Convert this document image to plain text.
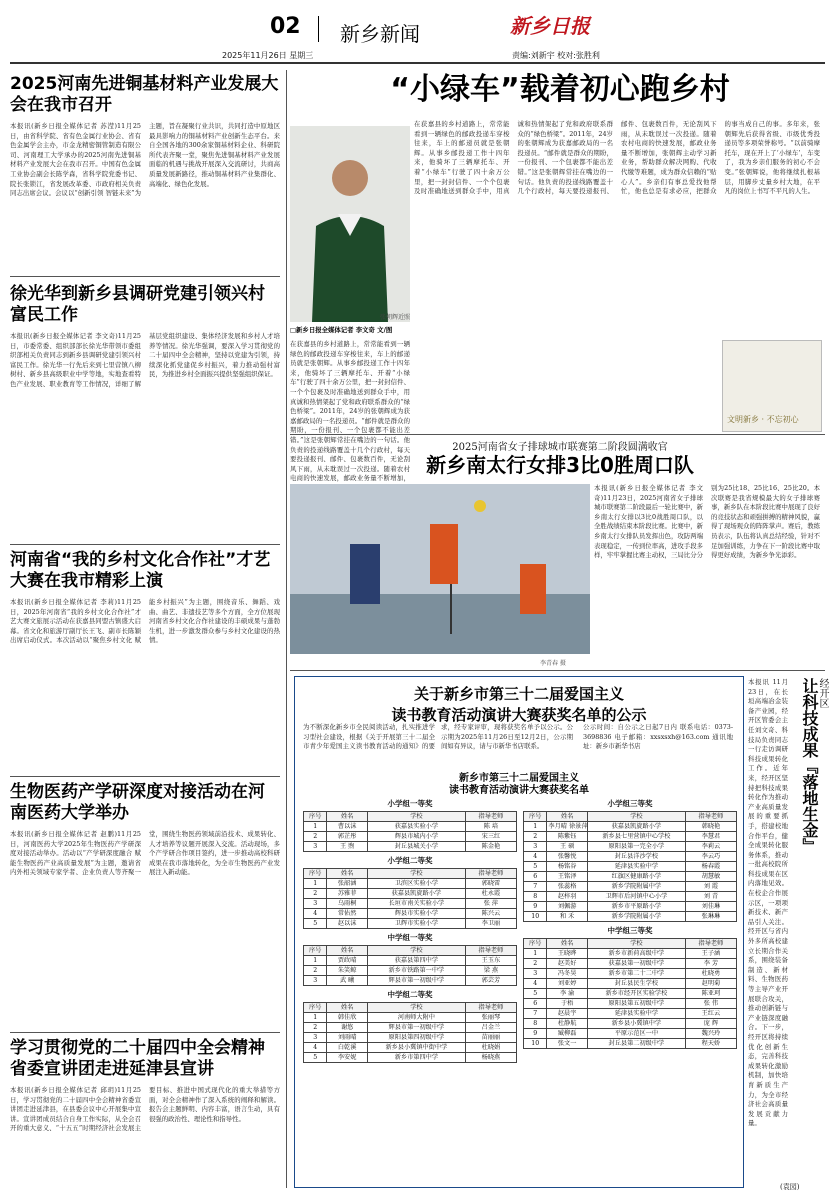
02 新乡新闻	新乡日报
2025年11月26日 星期三	责编:刘新宇 校对:张胜利
2025河南先进铜基材料产业发展大会在我市召开
本报讯(新乡日报全媒体记者 苏滢)11月25日，由省科学院、省有色金属行业协会、省有色金属学会主办，市金龙精密铜管制造有限公司、河南理工大学承办的2025河南先进铜基材料产业发展大会在我市召开。中国有色金属工业协会副会长陈学森，省科学院党委书记、院长张锁江，省发展改革委、市政府相关负责同志出席会议。会议以“创新引领 智链未来”为主题，旨在凝聚行业共识，共同打造中原地区最具影响力的铜基材料产业创新生态平台。来自全国各地的300余家铜基材料企业、科研院所代表齐聚一堂，聚焦先进铜基材料产业发展面临的机遇与挑战开展深入交流研讨，共商高质量发展新路径，推动铜基材料产业集群化、高端化、绿色化发展。
徐光华到新乡县调研党建引领兴村富民工作
本报讯(新乡日报全媒体记者 李文奇)11月25日，市委常委、组织部部长徐光华带领市委组织部相关负责同志到新乡县调研党建引领兴村富民工作。徐光华一行先后来到七里营镇八柳树村、新乡县高级职业中学等地，实地查看特色产业发展、职业教育等工作情况，详细了解基层党组织建设、集体经济发展和乡村人才培养等情况。徐光华强调，要深入学习贯彻党的二十届四中全会精神，坚持以党建为引领，持续深化抓党建促乡村振兴，着力推动强村富民，为推进乡村全面振兴提供坚强组织保证。
河南省“我的乡村文化合作社”才艺大赛在我市精彩上演
本报讯(新乡日报全媒体记者 李莉)11月25日，2025年河南省“我的乡村文化合作社”才艺大赛文旅展示活动在获嘉县同盟古镇盛大启幕。省文化和旅游厅副厅长王飞、副市长陈颖出席启动仪式。本次活动以“聚焦乡村文化 赋能乡村振兴”为主题，围绕音乐、舞蹈、戏曲、曲艺、非遗技艺等多个方面，全方位展现河南省乡村文化合作社建设的丰硕成果与蓬勃生机，进一步激发群众参与乡村文化建设的热情。
生物医药产学研深度对接活动在河南医药大学举办
本报讯(新乡日报全媒体记者 赵鹏)11月25日，河南医药大学2025年生物医药产学研深度对接活动举办。活动以“产学研深度融合 赋能生物医药产业高质量发展”为主题，邀请省内外相关领域专家学者、企业负责人等齐聚一堂，围绕生物医药领域前沿技术、成果转化、人才培养等议题开展深入交流。活动现场，多个产学研合作项目签约，进一步推动高校科研成果在我市落地转化，为全市生物医药产业发展注入新动能。
学习贯彻党的二十届四中全会精神省委宣讲团走进延津县宣讲
本报讯(新乡日报全媒体记者 邱玥)11月25日，学习贯彻党的二十届四中全会精神省委宣讲团走进延津县，在县委会议中心开展集中宣讲。宣讲团成员结合自身工作实际，从全会召开的重大意义、“十五五”时期经济社会发展主要目标、推进中国式现代化的重大举措等方面，对全会精神作了深入系统的阐释和解读。报告会主题鲜明、内容丰富，语言生动，具有很强的政治性、理论性和指导性。
“小绿车”载着初心跑乡村
张朝辉近照
□新乡日报全媒体记者 李文奇 文/图
在获嘉县的乡村道路上，常常能看到一辆绿色的邮政投递车穿梭往来，车上的邮递员就是张朝辉。从事乡邮投递工作十四年来，他骑坏了三辆摩托车、开着“小绿车”行驶了四十余万公里，把一封封信件、一个个包裹及时准确地送到群众手中，用真诚和热情架起了党和政府联系群众的“绿色桥梁”。2011年，24岁的张朝辉成为获嘉邮政局的一名投递员。“邮件就是群众的期盼，一份报刊、一个包裹都不能出差错。”这是张朝辉常挂在嘴边的一句话。他负责的投递线路覆盖十几个行政村，每天要投递报刊、邮件、包裹数百件，无论刮风下雨，从未耽误过一次投递。随着农村电商的快速发展，邮政业务量不断增加，
在获嘉县的乡村道路上，常常能看到一辆绿色的邮政投递车穿梭往来，车上的邮递员就是张朝辉。从事乡邮投递工作十四年来，他骑坏了三辆摩托车、开着“小绿车”行驶了四十余万公里，把一封封信件、一个个包裹及时准确地送到群众手中，用真诚和热情架起了党和政府联系群众的“绿色桥梁”。2011年，24岁的张朝辉成为获嘉邮政局的一名投递员。“邮件就是群众的期盼，一份报刊、一个包裹都不能出差错。”这是张朝辉常挂在嘴边的一句话。他负责的投递线路覆盖十几个行政村，每天要投递报刊、邮件、包裹数百件，无论刮风下雨，从未耽误过一次投递。随着农村电商的快速发展，邮政业务量不断增加，张朝辉主动学习新业务，帮助群众解决网购、代收代缴等难题，成为群众信赖的“贴心人”。乡亲们有事总爱找他帮忙，他也总是有求必应，把群众的事当成自己的事。多年来，张朝辉先后获得省级、市级优秀投递员等多项荣誉称号。“以前骑摩托车，现在开上了‘小绿车’，车变了，我为乡亲们服务的初心不会变。”张朝辉说，他将继续扎根基层，用脚步丈量乡村大地，在平凡的岗位上书写不平凡的人生。
文明新乡 · 不忘初心
2025河南省女子排球城市联赛第二阶段圆满收官
新乡南太行女排3比0胜周口队
李青春 摄
本报讯(新乡日报全媒体记者 李文奇)11月23日，2025河南省女子排球城市联赛第二阶段最后一轮比赛中，新乡南太行女排以3比0战胜周口队，以全胜战绩结束本阶段比赛。比赛中，新乡南太行女排队员发挥出色，攻防两端表现稳定，一传到位率高，进攻手段多样，牢牢掌握比赛主动权，三局比分分别为25比18、25比16、25比20。本次联赛是我省规模最大的女子排球赛事，新乡队在本阶段比赛中展现了良好的竞技状态和顽强拼搏的精神风貌，赢得了现场观众的阵阵掌声。赛后，教练员表示，队伍将认真总结经验，针对不足加强训练，力争在下一阶段比赛中取得更好成绩，为新乡争光添彩。
关于新乡市第三十二届爱国主义
读书教育活动演讲大赛获奖名单的公示
为不断深化新乡市全民阅读活动，扎实推进学习型社会建设，根据《关于开展第三十二届全市青少年爱国主义读书教育活动的通知》的要求，经专家评审，现将获奖名单予以公示。公示期为2025年11月26日至12月2日，公示期间如有异议，请与市新华书店联系。
公示时间：自公示之日起7日内 联系电话：0373-3698836 电子邮箱：xxsxsxh@163.com 通讯地址：新乡市新华书店
新乡市第三十二届爱国主义
读书教育活动演讲大赛获奖名单
小学组一等奖
序号	姓名	学校	指导老师
1	曹以沫	获嘉县实验小学	陈 培
2	郭芷彤	辉县市城内小学	宋三红
3	王 煦	封丘县城关小学	陈金艳
小学组二等奖
序号	姓名	学校	指导老师
1	张韶涵	卫滨区实验小学	郭晓雷
2	苏雅菲	获嘉县凯旋路小学	杜永霞
3	乌雨桐	长垣市南关实验小学	张 萍
4	常佑然	辉县市实验小学	陈兴云
5	赵以沫	卫辉市实验小学	李卫丽
中学组一等奖
序号	姓名	学校	指导老师
1	贾政晴	获嘉县第四中学	王玉东
2	朱笑鲸	新乡市铁路第一中学	梁 燕
3	武 曦	辉县市第一初级中学	郭芸芳
中学组二等奖
序号	姓名	学校	指导老师
1	韩佳欣	河南师大附中	张丽琴
2	谢悠	辉县市第一初级中学	吕金兰
3	刘雨晴	原阳县第四初级中学	苗丽丽
4	白乾溪	新乡县小冀镇中街中学	杜晓娟
5	李安妮	新乡市第四中学	杨晓燕
小学组三等奖
序号	姓名	学校	指导老师
1	李月晴 徐景萍	获嘉县凯旋路小学	韩晓艳
2	陈紫钰	新乡县七里营镇中心学校	李慧君
3	王 硕	原阳县第一完全小学	李莉云
4	张馨悦	封丘县洋沙学校	李云巧
5	杨铭谷	延津县实验中学	杨春霞
6	王铭泽	红旗区健康路小学	胡慧敏
7	张蕊格	新乡学院附属中学	刘 霞
8	赵梓羽	卫辉市后河镇中心小学	刘 青
9	刘佩游	新乡市平原路小学	刘佳琳
10	和 禾	新乡学院附属小学	张琳琳
中学组三等奖
序号	姓名	学校	指导老师
1	王晓晔	新乡市新荷高级中学	王子涵
2	赵美好	获嘉县第一初级中学	李 芳
3	冯冬昊	新乡市第二十二中学	杜晓勇
4	刘亚婷	封丘县民生学校	赵明菊
5	李 渝	新乡市经开区实验学校	陈亚珂
6	于梧	原阳县第五初级中学	张 伟
7	赵晨宇	延津县实验中学	王红云
8	杜静航	新乡县小冀镇中学	庞 辉
9	臧柳磊	平原示范区一中	魏兴玲
10	张文一	封丘县第二初级中学	程天娇
让科技成果『落地生金』
经开区
本报讯 11月23日，在长垣高端冶金装备产业园，经开区管委会主任刘文奇、科技局负责同志一行走访调研科技成果转化工作。近年来，经开区坚持把科技成果转化作为推动产业高质量发展的重要抓手，搭建校地合作平台，健全成果转化服务体系，推动一批高校院所科技成果在区内落地见效。在校企合作展示区，一项项新技术、新产品引人关注。经开区与省内外多所高校建立长期合作关系，围绕装备制造、新材料、生物医药等主导产业开展联合攻关，推动创新链与产业链深度融合。下一步，经开区将持续优化创新生态，完善科技成果转化激励机制，加快培育新质生产力，为全市经济社会高质量发展贡献力量。
(袁园)
